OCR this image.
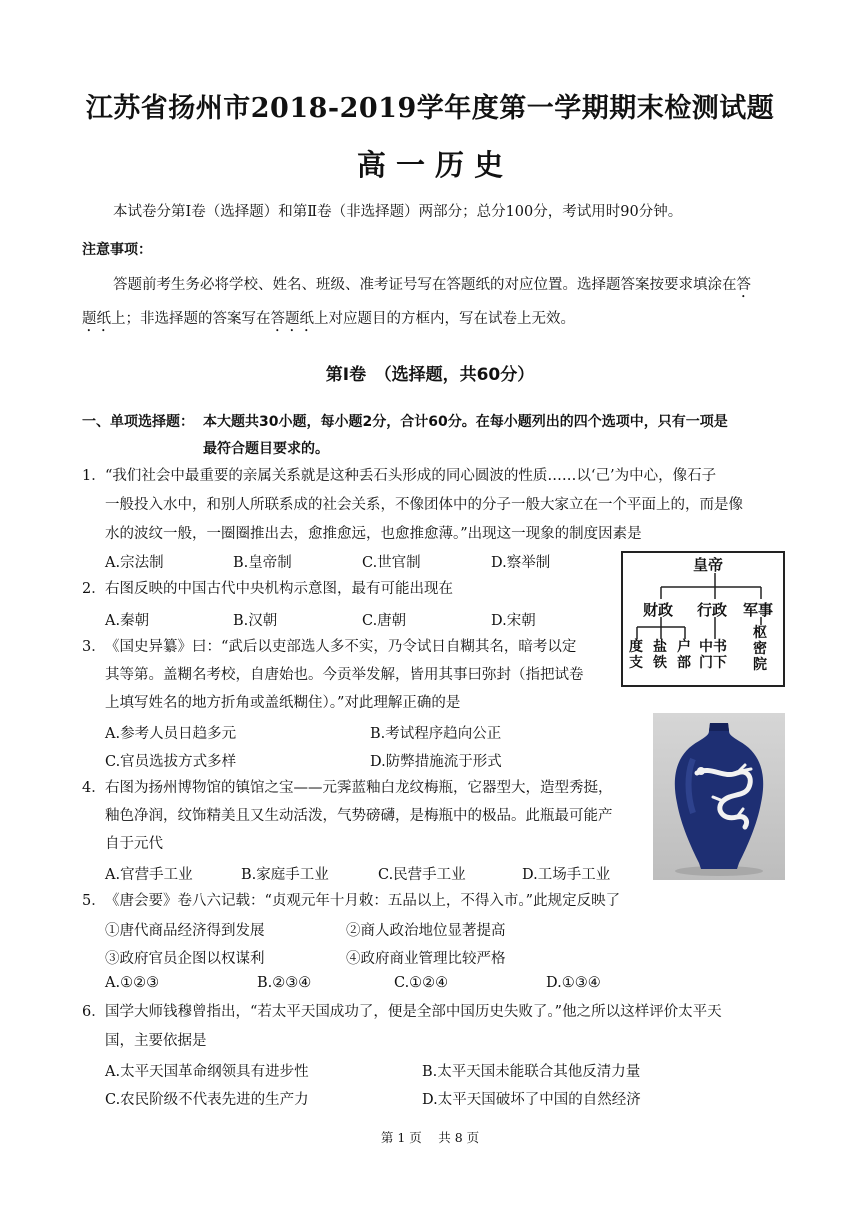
江苏省扬州市2018-2019学年度第一学期期末检测试题
高 一 历 史
本试卷分第Ⅰ卷（选择题）和第Ⅱ卷（非选择题）两部分；总分100分，考试用时90分钟。
注意事项：
答题前考生务必将学校、姓名、班级、准考证号写在答题纸的对应位置。选择题答案按要求填涂在答
题纸上；非选择题的答案写在答题纸上对应题目的方框内，写在试卷上无效。
第Ⅰ卷　（选择题，共60分）
一、单项选择题： 本大题共30小题，每小题2分，合计60分。在每小题列出的四个选项中，只有一项是
最符合题目要求的。
1． “我们社会中最重要的亲属关系就是这种丢石头形成的同心圆波的性质……以‘己’为中心，像石子
一般投入水中，和别人所联系成的社会关系，不像团体中的分子一般大家立在一个平面上的，而是像
水的波纹一般，一圈圈推出去，愈推愈远，也愈推愈薄。”出现这一现象的制度因素是
A.宗法制	B.皇帝制	C.世官制	D.察举制
2． 右图反映的中国古代中央机构示意图，最有可能出现在
A.秦朝	B.汉朝	C.唐朝	D.宋朝
3． 《国史异纂》曰：“武后以吏部选人多不实，乃令试日自糊其名，暗考以定
其等第。盖糊名考校，自唐始也。今贡举发解，皆用其事曰弥封（指把试卷
上填写姓名的地方折角或盖纸糊住）。”对此理解正确的是
A.参考人员日趋多元	B.考试程序趋向公正
C.官员选拔方式多样	D.防弊措施流于形式
4． 右图为扬州博物馆的镇馆之宝——元霁蓝釉白龙纹梅瓶，它器型大，造型秀挺，
釉色净润，纹饰精美且又生动活泼，气势磅礴，是梅瓶中的极品。此瓶最可能产
自于元代
A.官营手工业	B.家庭手工业	C.民营手工业	D.工场手工业
5． 《唐会要》卷八六记载：“贞观元年十月敕：五品以上，不得入市。”此规定反映了
①唐代商品经济得到发展	②商人政治地位显著提高
③政府官员企图以权谋利	④政府商业管理比较严格
A.①②③	B.②③④	C.①②④	D.①③④
6． 国学大师钱穆曾指出，“若太平天国成功了，便是全部中国历史失败了。”他之所以这样评价太平天
国，主要依据是
A.太平天国革命纲领具有进步性	B.太平天国未能联合其他反清力量
C.农民阶级不代表先进的生产力	D.太平天国破坏了中国的自然经济
皇帝
财政 行政 军事
度支
盐铁
户部
中书门下
枢密院
第 1 页　 共 8 页
